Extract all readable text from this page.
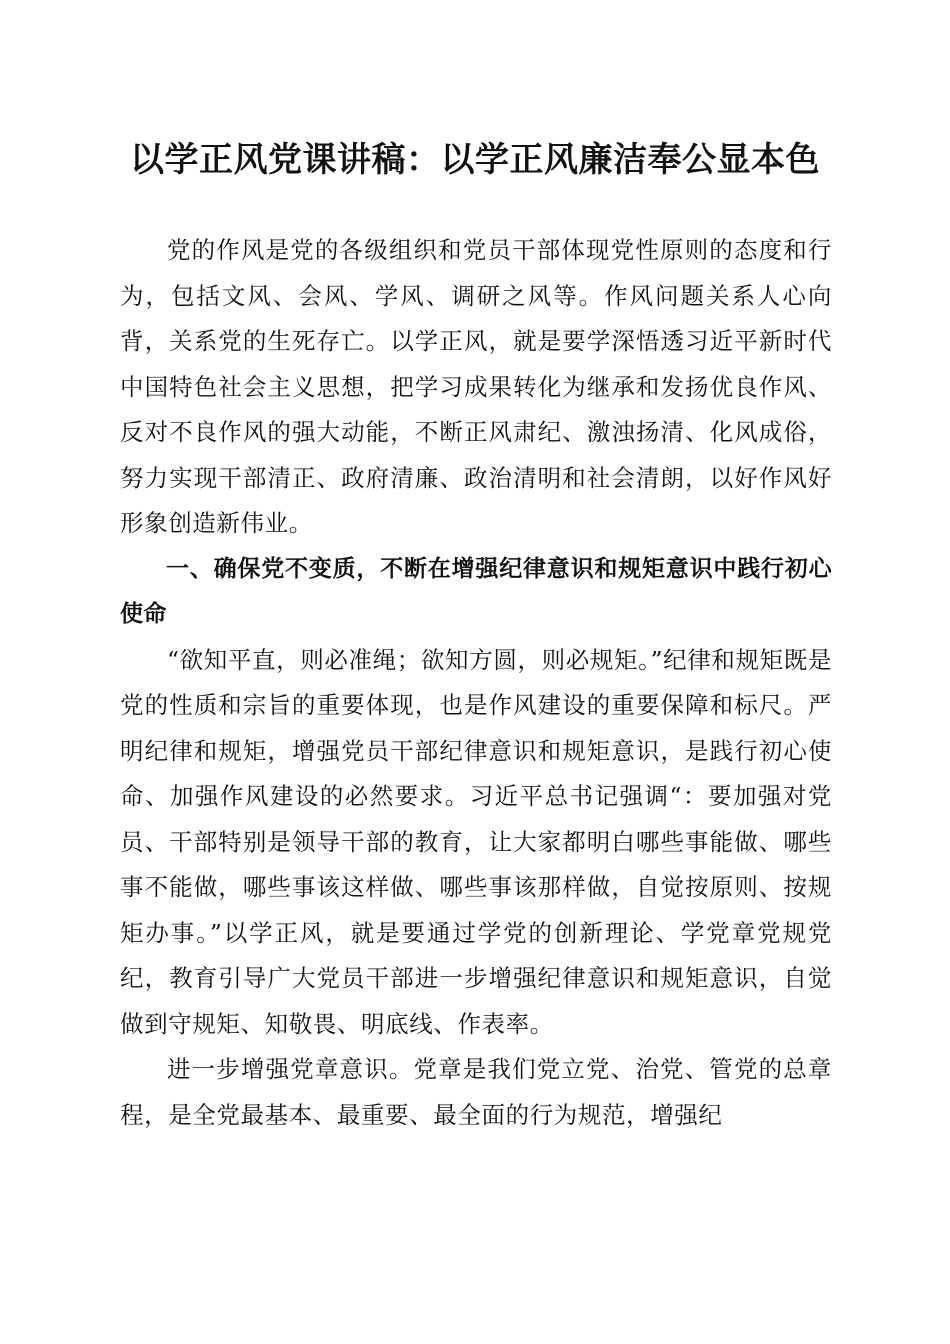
以学正风党课讲稿：以学正风廉洁奉公显本色

党的作风是党的各级组织和党员干部体现党性原则的态度和行为，包括文风、会风、学风、调研之风等。作风问题关系人心向背，关系党的生死存亡。以学正风，就是要学深悟透习近平新时代中国特色社会主义思想，把学习成果转化为继承和发扬优良作风、反对不良作风的强大动能，不断正风肃纪、激浊扬清、化风成俗，努力实现干部清正、政府清廉、政治清明和社会清朗，以好作风好形象创造新伟业。

一、确保党不变质，不断在增强纪律意识和规矩意识中践行初心使命

“欲知平直，则必准绳；欲知方圆，则必规矩。”纪律和规矩既是党的性质和宗旨的重要体现，也是作风建设的重要保障和标尺。严明纪律和规矩，增强党员干部纪律意识和规矩意识，是践行初心使命、加强作风建设的必然要求。习近平总书记强调“：要加强对党员、干部特别是领导干部的教育，让大家都明白哪些事能做、哪些事不能做，哪些事该这样做、哪些事该那样做，自觉按原则、按规矩办事。”以学正风，就是要通过学党的创新理论、学党章党规党纪，教育引导广大党员干部进一步增强纪律意识和规矩意识，自觉做到守规矩、知敬畏、明底线、作表率。

进一步增强党章意识。党章是我们党立党、治党、管党的总章程，是全党最基本、最重要、最全面的行为规范，增强纪
